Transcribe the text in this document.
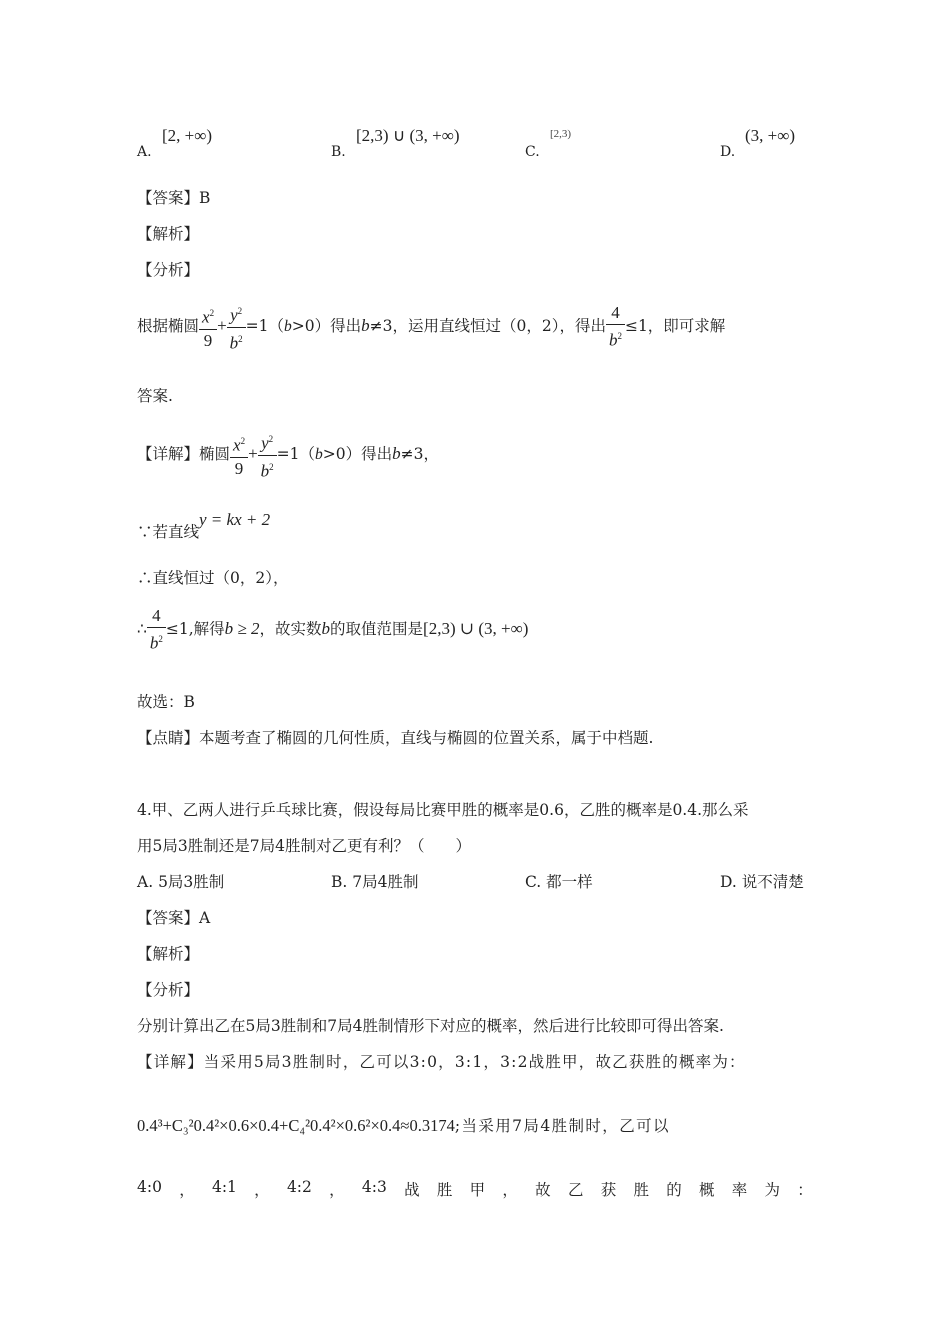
A.
[2, +∞)
B.
[2,3) ∪ (3, +∞)
C.
[2,3)
D.
(3, +∞)
【答案】B
【解析】
【分析】
根据椭圆 $\frac{x^2}{9} + \frac{y^2}{b^2} =1(b>0)$得出b≠3，运用直线恒过（0，2），得出 $\frac{4}{b^2} \le 1$，即可求解
答案.
【详解】椭圆 $\frac{x^2}{9} + \frac{y^2}{b^2} =1(b>0)$得出b≠3，
∵若直线y = kx + 2
∴直线恒过（0，2），
∴ $\frac{4}{b^2} \le 1$,解得b ≥ 2，故实数b的取值范围是[2,3) ∪ (3, +∞)
故选：B
【点睛】本题考查了椭圆的几何性质，直线与椭圆的位置关系，属于中档题.
4.甲、乙两人进行乒乓球比赛，假设每局比赛甲胜的概率是0.6，乙胜的概率是0.4.那么采
用5局3胜制还是7局4胜制对乙更有利？（　　）
A. 5局3胜制	B. 7局4胜制	C. 都一样	D. 说不清楚
【答案】A
【解析】
【分析】
分别计算出乙在5局3胜制和7局4胜制情形下对应的概率，然后进行比较即可得出答案.
【详解】当采用5局3胜制时，乙可以3:0，3:1，3:2战胜甲，故乙获胜的概率为：
0.4³+C₃²0.4²×0.6×0.4+C₄²0.4²×0.6²×0.4≈0.3174;当采用7局4胜制时，乙可以
4:0 ， 4:1 ， 4:2 ， 4:3 战 胜 甲 ， 故 乙 获 胜 的 概 率 为 ：
